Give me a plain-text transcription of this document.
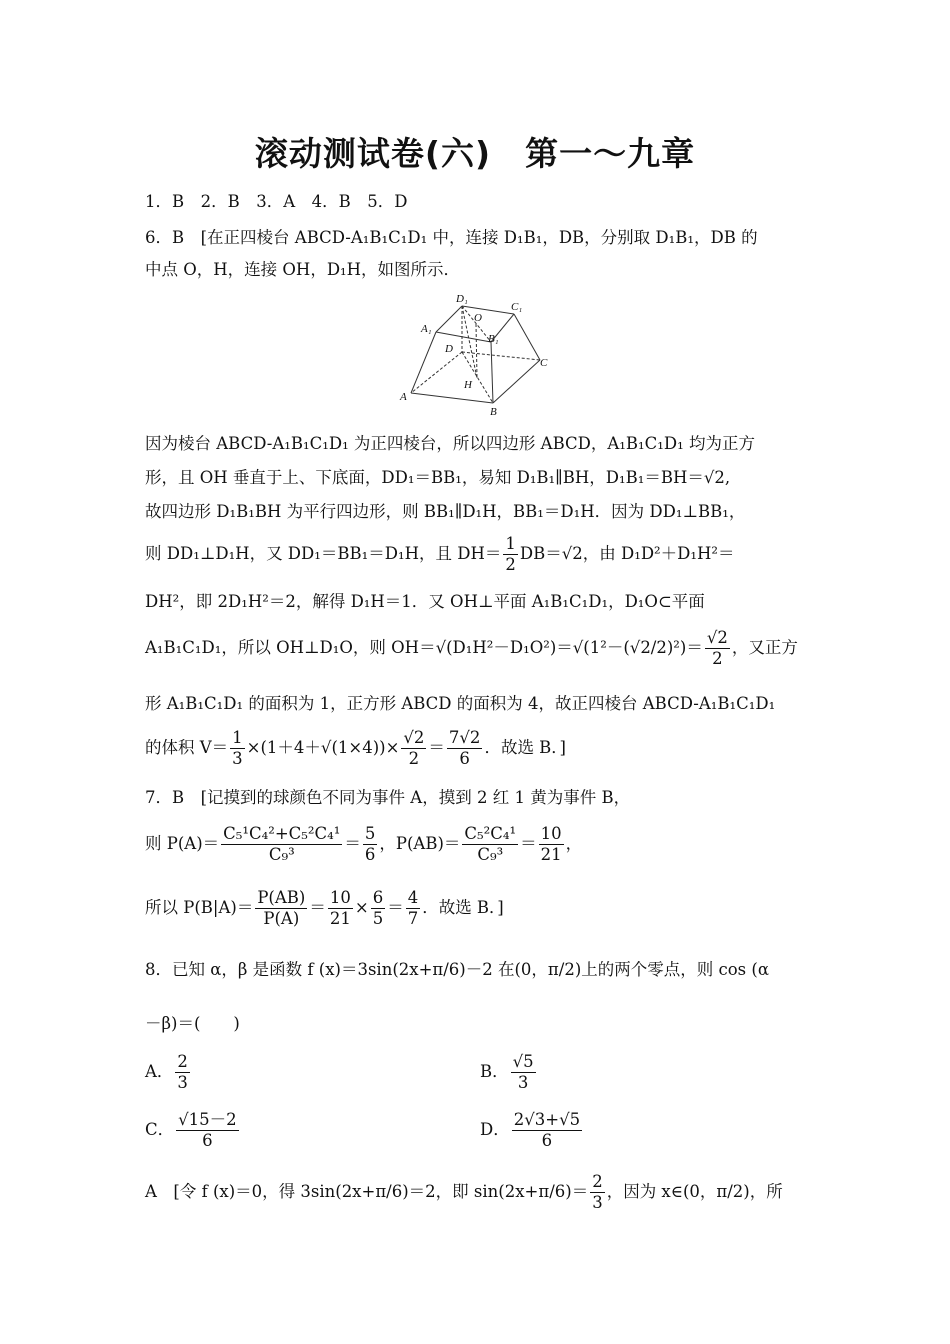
滚动测试卷(六)　第一～九章
1．B　2．B　3．A　4．B　5．D
6．B　[在正四棱台 ABCD-A₁B₁C₁D₁ 中，连接 D₁B₁，DB，分别取 D₁B₁，DB 的
中点 O，H，连接 OH，D₁H，如图所示．
D₁
C₁
O
A₁
B₁
D
C
H
A
B
因为棱台 ABCD-A₁B₁C₁D₁ 为正四棱台，所以四边形 ABCD，A₁B₁C₁D₁ 均为正方
形，且 OH 垂直于上、下底面，DD₁＝BB₁，易知 D₁B₁∥BH，D₁B₁＝BH＝√2,
故四边形 D₁B₁BH 为平行四边形，则 BB₁∥D₁H，BB₁＝D₁H．因为 DD₁⊥BB₁，
则 DD₁⊥D₁H，又 DD₁＝BB₁＝D₁H，且 $DH= \frac{1}{2} DB=√2$，由 D₁D²＋D₁H²＝
DH²，即 2D₁H²＝2，解得 D₁H＝1．又 OH⊥平面 A₁B₁C₁D₁，D₁O⊂平面
A₁B₁C₁D₁，所以 OH⊥D₁O，则 $OH=√(D_1H^2-D_1O^2)=√(1^2-(√2/2)^2)= \frac{√2}{2}$ ，又正方
形 A₁B₁C₁D₁ 的面积为 1，正方形 ABCD 的面积为 4，故正四棱台 ABCD-A₁B₁C₁D₁
的体积 $V= \frac{1}{3} \times(1+4+√(1\times 4))\times \frac{√2}{2} = \frac{7√2}{6}$ ．故选 B．]
7．B　[记摸到的球颜色不同为事件 A，摸到 2 红 1 黄为事件 B，
则 $P(A)= \frac{\text{C₅¹C₄²+C₅²C₄¹}}{\text{C₉³}} = \frac{5}{6}$ ，$P(AB)= \frac{\text{C₅²C₄¹}}{\text{C₉³}} = \frac{10}{21}$ ，
所以 $P(B|A)= \frac{P(AB)}{P(A)} = \frac{10}{21} \times \frac{6}{5} = \frac{4}{7}$ ．故选 B．]
8．已知 α，β 是函数 f (x)＝3sin(2x+π/6)－2 在(0，π/2)上的两个零点，则 cos (α
－β)＝(　　)
A． $\frac{2}{3}$	B． $\frac{√5}{3}$
C． $\frac{√15-2}{6}$	D． $\frac{2√3+√5}{6}$
A　[令 f (x)＝0，得 3sin(2x+π/6)＝2，即 $\sin(2x+\pi/6)= \frac{2}{3}$ ，因为 x∈(0，π/2)，所
